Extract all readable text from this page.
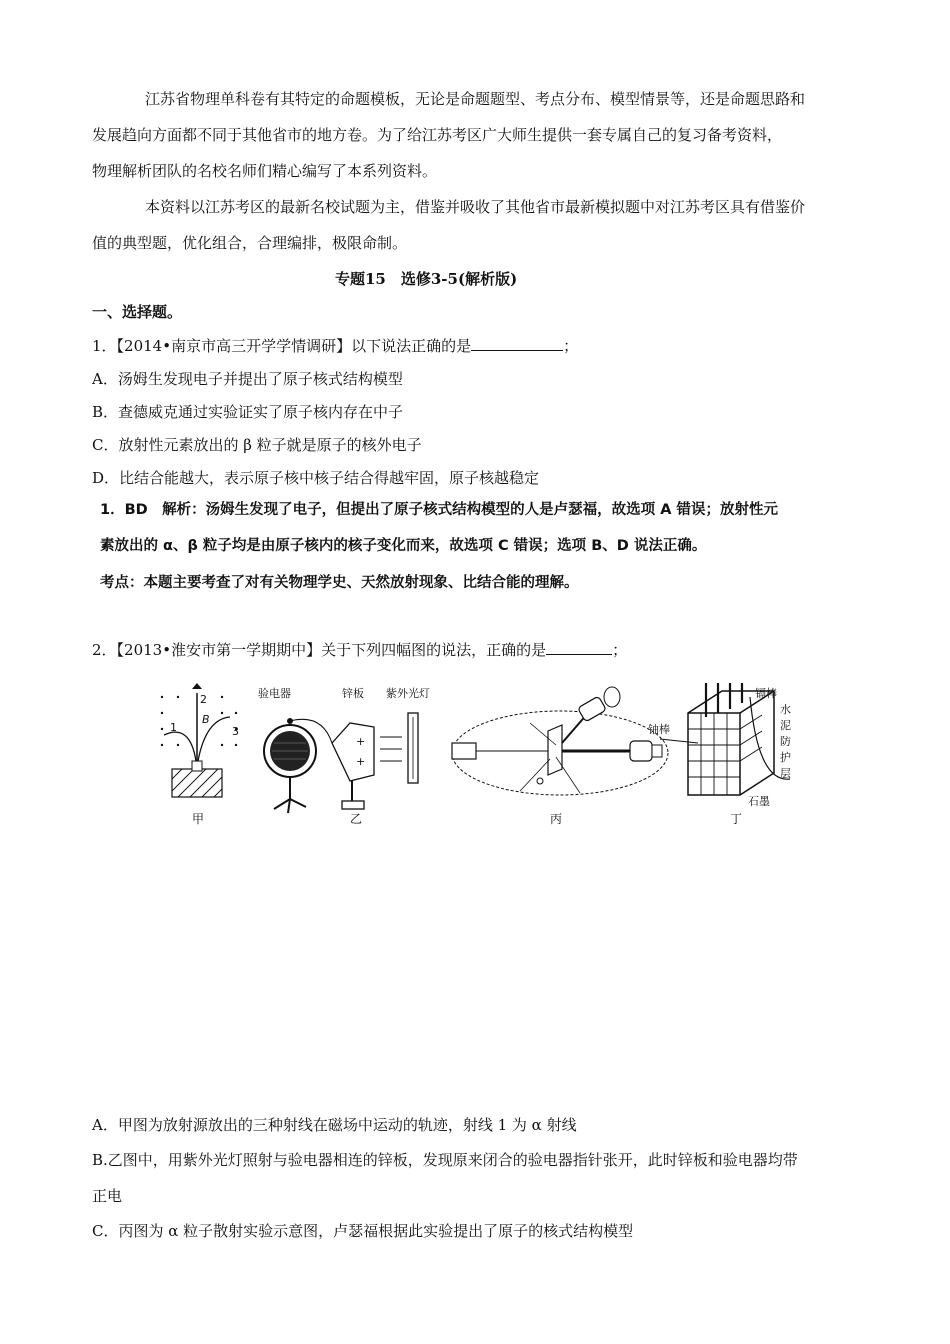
江苏省物理单科卷有其特定的命题模板，无论是命题题型、考点分布、模型情景等，还是命题思路和
发展趋向方面都不同于其他省市的地方卷。为了给江苏考区广大师生提供一套专属自己的复习备考资料，
物理解析团队的名校名师们精心编写了本系列资料。
本资料以江苏考区的最新名校试题为主，借鉴并吸收了其他省市最新模拟题中对江苏考区具有借鉴价
值的典型题，优化组合，合理编排，极限命制。
专题15　选修3-5(解析版)
一、选择题。
1．【2014•南京市高三开学学情调研】以下说法正确的是	；
A．汤姆生发现电子并提出了原子核式结构模型
B．查德威克通过实验证实了原子核内存在中子
C．放射性元素放出的 β 粒子就是原子的核外电子
D．比结合能越大，表示原子核中核子结合得越牢固，原子核越稳定
1．BD　解析：汤姆生发现了电子，但提出了原子核式结构模型的人是卢瑟福，故选项 A 错误；放射性元
素放出的 α、β 粒子均是由原子核内的核子变化而来，故选项 C 错误；选项 B、D 说法正确。
考点：本题主要考查了对有关物理学史、天然放射现象、比结合能的理解。
2．【2013•淮安市第一学期期中】关于下列四幅图的说法，正确的是	；
2
1	3
B
甲
验电器	锌板 紫外光灯
+
+
乙	丙
镉棒
铀棒
水
泥
防
护
层
石墨
丁
A．甲图为放射源放出的三种射线在磁场中运动的轨迹，射线 1 为 α 射线
B.乙图中，用紫外光灯照射与验电器相连的锌板，发现原来闭合的验电器指针张开，此时锌板和验电器均带
正电
C．丙图为 α 粒子散射实验示意图，卢瑟福根据此实验提出了原子的核式结构模型
